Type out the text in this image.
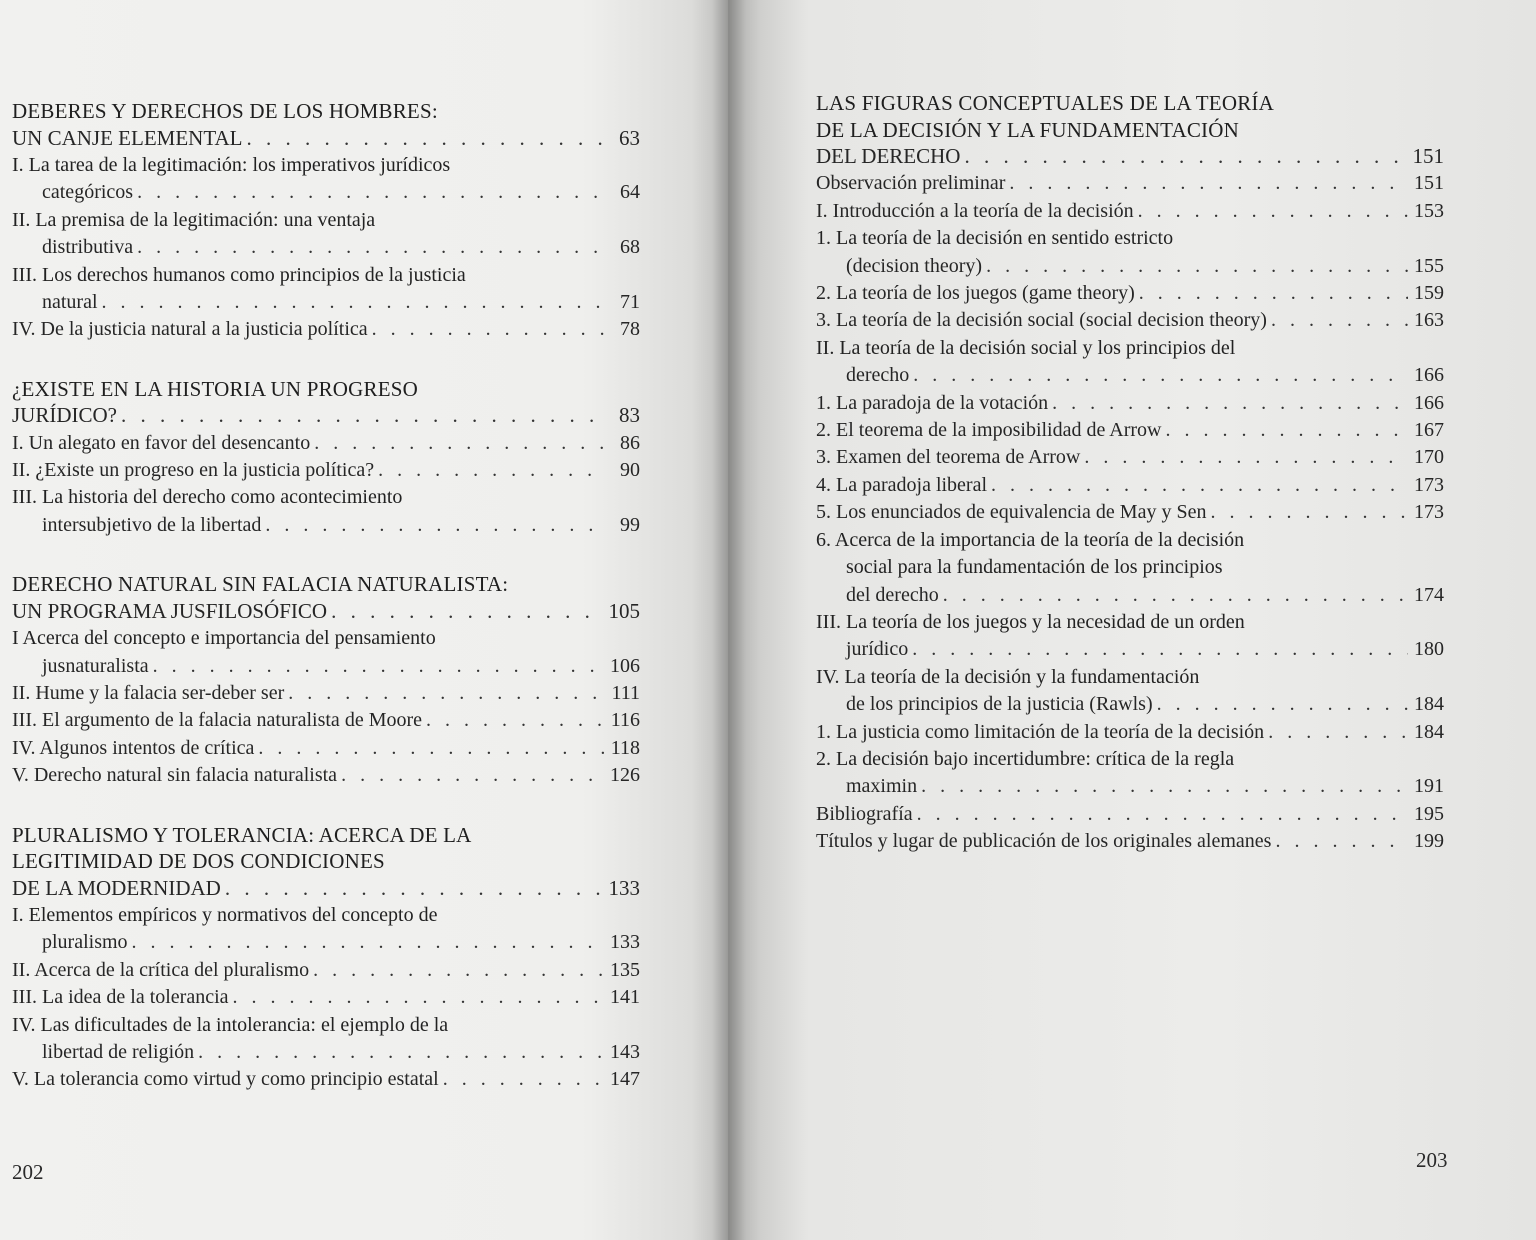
DEBERES Y DERECHOS DE LOS HOMBRES:
UN CANJE ELEMENTAL . . .	63
I. La tarea de la legitimación: los imperativos jurídicos
categóricos . . .	64
II. La premisa de la legitimación: una ventaja
distributiva . . .	68
III. Los derechos humanos como principios de la justicia
natural . . .	71
IV. De la justicia natural a la justicia política . . .	78
¿EXISTE EN LA HISTORIA UN PROGRESO
JURÍDICO? . . .	83
I. Un alegato en favor del desencanto . . .	86
II. ¿Existe un progreso en la justicia política? . . .	90
III. La historia del derecho como acontecimiento
intersubjetivo de la libertad . . .	99
DERECHO NATURAL SIN FALACIA NATURALISTA:
UN PROGRAMA JUSFILOSÓFICO . . .	105
I Acerca del concepto e importancia del pensamiento
jusnaturalista . . .	106
II. Hume y la falacia ser-deber ser . . .	111
III. El argumento de la falacia naturalista de Moore . . .	116
IV. Algunos intentos de crítica . . .	118
V. Derecho natural sin falacia naturalista . . .	126
PLURALISMO Y TOLERANCIA: ACERCA DE LA
LEGITIMIDAD DE DOS CONDICIONES
DE LA MODERNIDAD . . .	133
I. Elementos empíricos y normativos del concepto de
pluralismo . . .	133
II. Acerca de la crítica del pluralismo . . .	135
III. La idea de la tolerancia . . .	141
IV. Las dificultades de la intolerancia: el ejemplo de la
libertad de religión . . .	143
V. La tolerancia como virtud y como principio estatal . . .	147
202
LAS FIGURAS CONCEPTUALES DE LA TEORÍA
DE LA DECISIÓN Y LA FUNDAMENTACIÓN
DEL DERECHO . . .	151
Observación preliminar . . .	151
I. Introducción a la teoría de la decisión . . .	153
1. La teoría de la decisión en sentido estricto
(decision theory) . . .	155
2. La teoría de los juegos (game theory) . . .	159
3. La teoría de la decisión social (social decision theory) . . .	163
II. La teoría de la decisión social y los principios del
derecho . . .	166
1. La paradoja de la votación . . .	166
2. El teorema de la imposibilidad de Arrow . . .	167
3. Examen del teorema de Arrow . . .	170
4. La paradoja liberal . . .	173
5. Los enunciados de equivalencia de May y Sen . . .	173
6. Acerca de la importancia de la teoría de la decisión
social para la fundamentación de los principios
del derecho . . .	174
III. La teoría de los juegos y la necesidad de un orden
jurídico . . .	180
IV. La teoría de la decisión y la fundamentación
de los principios de la justicia (Rawls) . . .	184
1. La justicia como limitación de la teoría de la decisión . . .	184
2. La decisión bajo incertidumbre: crítica de la regla
maximin . . .	191
Bibliografía . . .	195
Títulos y lugar de publicación de los originales alemanes . . .	199
203
